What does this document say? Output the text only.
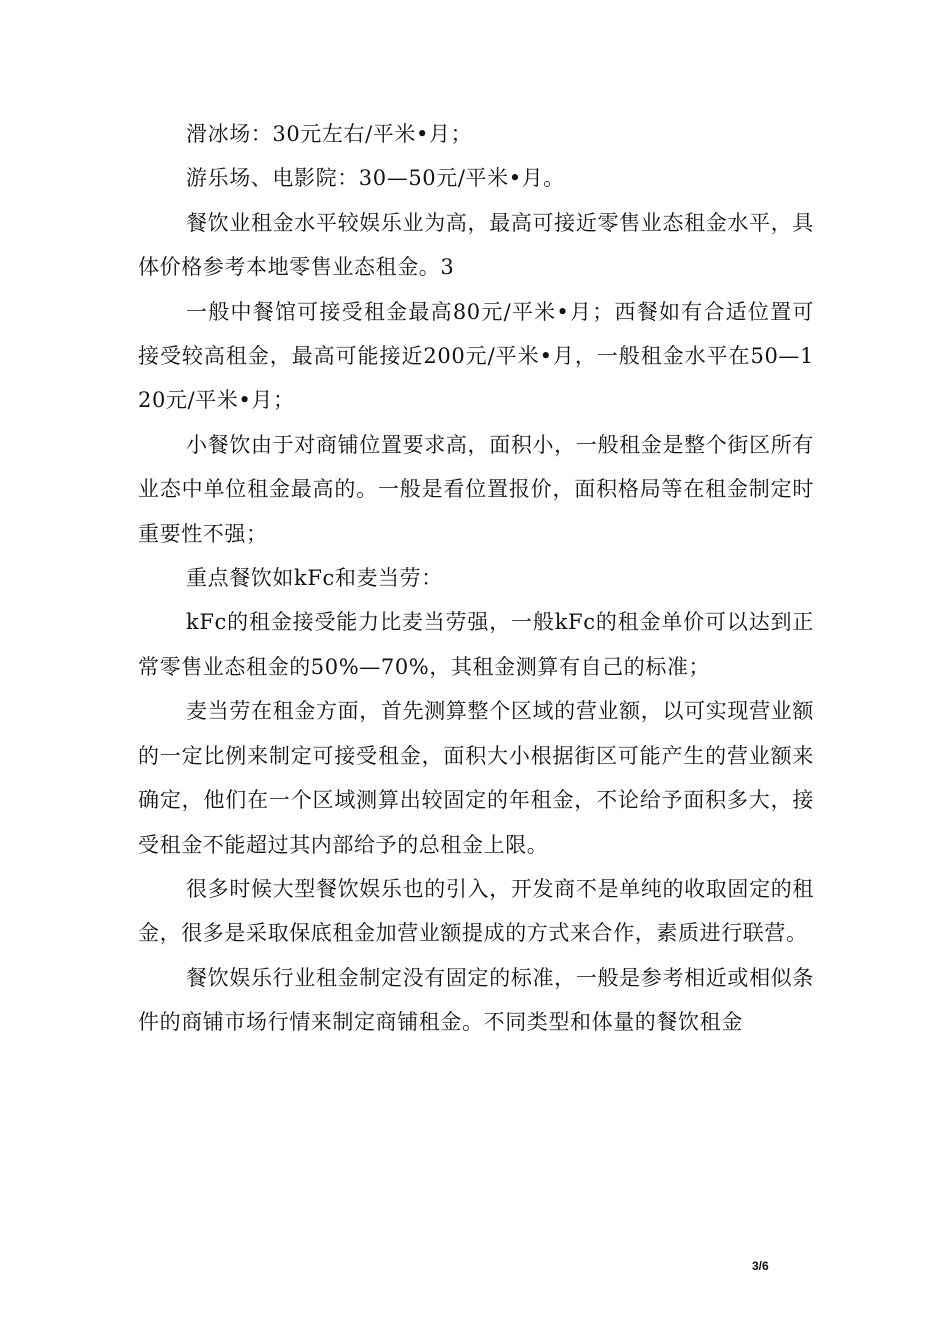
滑冰场：30元左右/平米•月；

游乐场、电影院：30—50元/平米•月。

餐饮业租金水平较娱乐业为高，最高可接近零售业态租金水平，具体价格参考本地零售业态租金。3

一般中餐馆可接受租金最高80元/平米•月；西餐如有合适位置可接受较高租金，最高可能接近200元/平米•月，一般租金水平在50—120元/平米•月；

小餐饮由于对商铺位置要求高，面积小，一般租金是整个街区所有业态中单位租金最高的。一般是看位置报价，面积格局等在租金制定时重要性不强；

重点餐饮如kFc和麦当劳：

kFc的租金接受能力比麦当劳强，一般kFc的租金单价可以达到正常零售业态租金的50%—70%，其租金测算有自己的标准；

麦当劳在租金方面，首先测算整个区域的营业额，以可实现营业额的一定比例来制定可接受租金，面积大小根据街区可能产生的营业额来确定，他们在一个区域测算出较固定的年租金，不论给予面积多大，接受租金不能超过其内部给予的总租金上限。

很多时候大型餐饮娱乐也的引入，开发商不是单纯的收取固定的租金，很多是采取保底租金加营业额提成的方式来合作，素质进行联营。

餐饮娱乐行业租金制定没有固定的标准，一般是参考相近或相似条件的商铺市场行情来制定商铺租金。不同类型和体量的餐饮租金

3/6
